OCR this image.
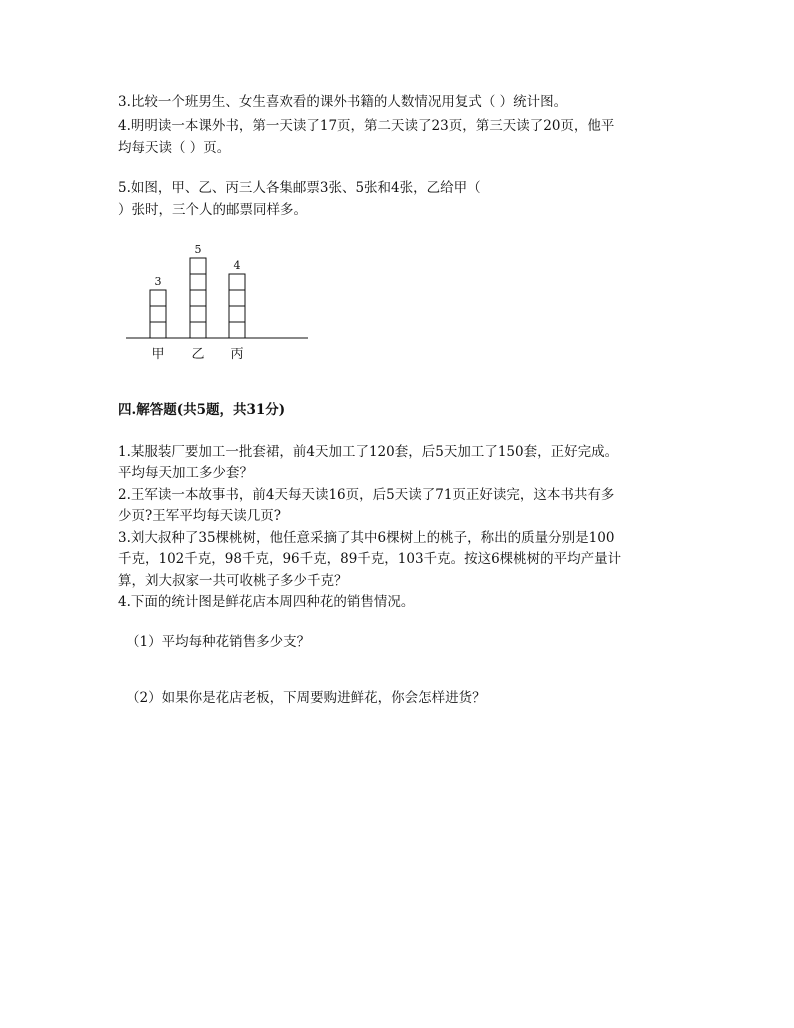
3.比较一个班男生、女生喜欢看的课外书籍的人数情况用复式（ ）统计图。
4.明明读一本课外书，第一天读了17页，第二天读了23页，第三天读了20页，他平
均每天读（ ）页。
5.如图，甲、乙、丙三人各集邮票3张、5张和4张，乙给甲（
）张时，三个人的邮票同样多。
3
甲
5
乙
4
丙
四.解答题(共5题，共31分)
1.某服装厂要加工一批套裙，前4天加工了120套，后5天加工了150套，正好完成。
平均每天加工多少套？
2.王军读一本故事书，前4天每天读16页，后5天读了71页正好读完，这本书共有多
少页?王军平均每天读几页?
3.刘大叔种了35棵桃树，他任意采摘了其中6棵树上的桃子，称出的质量分别是100
千克，102千克，98千克，96千克，89千克，103千克。按这6棵桃树的平均产量计
算，刘大叔家一共可收桃子多少千克？
4.下面的统计图是鲜花店本周四种花的销售情况。
（1）平均每种花销售多少支？
（2）如果你是花店老板，下周要购进鲜花，你会怎样进货？
